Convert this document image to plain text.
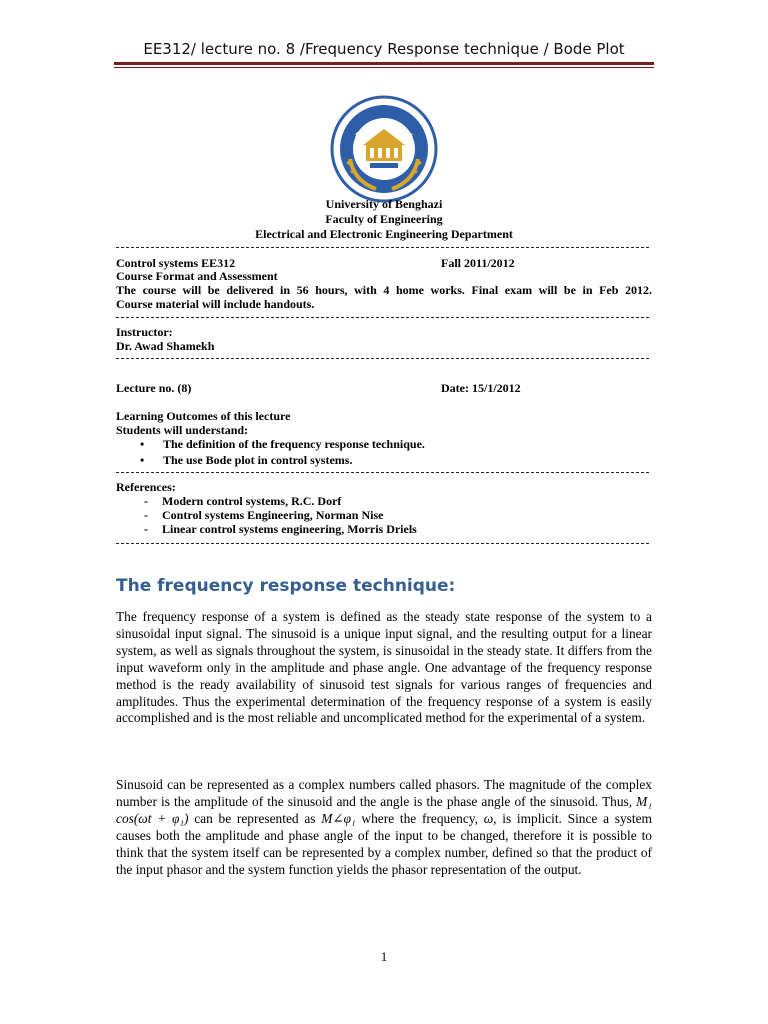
EE312/ lecture no. 8 /Frequency Response technique / Bode Plot
University of Benghazi
Faculty of Engineering
Electrical and Electronic Engineering Department
Control systems EE312	Fall 2011/2012
Course Format and Assessment
The course will be delivered in 56 hours, with 4 home works. Final exam will be in Feb 2012.
Course material will include handouts.
Instructor:
Dr. Awad Shamekh
Lecture no. (8)	Date: 15/1/2012
Learning Outcomes of this lecture
Students will understand:
• The definition of the frequency response technique.
• The use Bode plot in control systems.
References:
- Modern control systems, R.C. Dorf
- Control systems Engineering, Norman Nise
- Linear control systems engineering, Morris Driels
The frequency response technique:

The frequency response of a system is defined as the steady state response of the system to a sinusoidal input signal. The sinusoid is a unique input signal, and the resulting output for a linear system, as well as signals throughout the system, is sinusoidal in the steady state. It differs from the input waveform only in the amplitude and phase angle. One advantage of the frequency response method is the ready availability of sinusoid test signals for various ranges of frequencies and amplitudes. Thus the experimental determination of the frequency response of a system is easily accomplished and is the most reliable and uncomplicated method for the experimental of a system.

Sinusoid can be represented as a complex numbers called phasors. The magnitude of the complex number is the amplitude of the sinusoid and the angle is the phase angle of the sinusoid. Thus, M₁ cos(ωt + φ₁) can be represented as M∠φ₁ where the frequency, ω, is implicit. Since a system causes both the amplitude and phase angle of the input to be changed, therefore it is possible to think that the system itself can be represented by a complex number, defined so that the product of the input phasor and the system function yields the phasor representation of the output.

1
